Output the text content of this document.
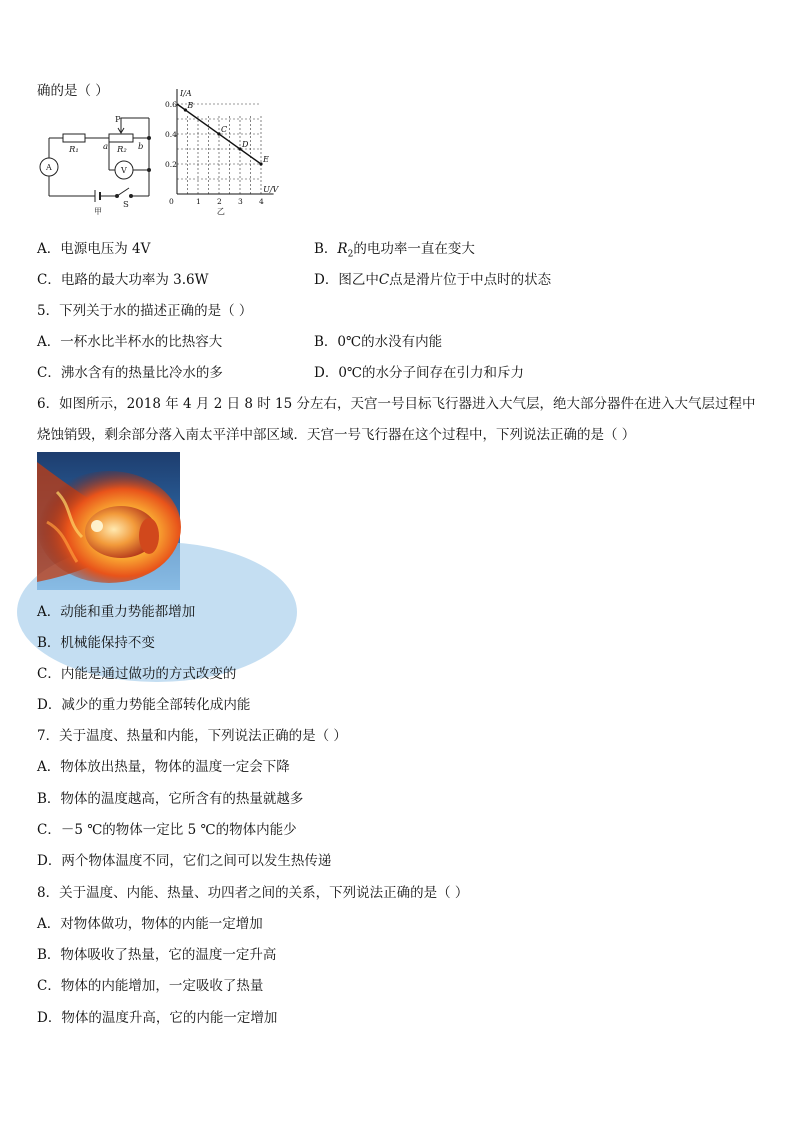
确的是（ ）
R₁	R₂
P
a	b
A	V
S
甲
B
C
D
E
0.6
0.4
0.2
0	1 2 3 4
I/A
U/V
乙
A．电源电压为 4V	B．$R_2$的电功率一直在变大
C．电路的最大功率为 3.6W	D．图乙中C点是滑片位于中点时的状态
5．下列关于水的描述正确的是（ ）
A．一杯水比半杯水的比热容大	B．0℃的水没有内能
C．沸水含有的热量比冷水的多	D．0℃的水分子间存在引力和斥力
6．如图所示，2018 年 4 月 2 日 8 时 15 分左右，天宫一号目标飞行器进入大气层，绝大部分器件在进入大气层过程中
烧蚀销毁，剩余部分落入南太平洋中部区域．天宫一号飞行器在这个过程中，下列说法正确的是（ ）
A．动能和重力势能都增加
B．机械能保持不变
C．内能是通过做功的方式改变的
D．减少的重力势能全部转化成内能
7．关于温度、热量和内能，下列说法正确的是（ ）
A．物体放出热量，物体的温度一定会下降
B．物体的温度越高，它所含有的热量就越多
C．－5 ℃的物体一定比 5 ℃的物体内能少
D．两个物体温度不同，它们之间可以发生热传递
8．关于温度、内能、热量、功四者之间的关系，下列说法正确的是（ ）
A．对物体做功，物体的内能一定增加
B．物体吸收了热量，它的温度一定升高
C．物体的内能增加，一定吸收了热量
D．物体的温度升高，它的内能一定增加
